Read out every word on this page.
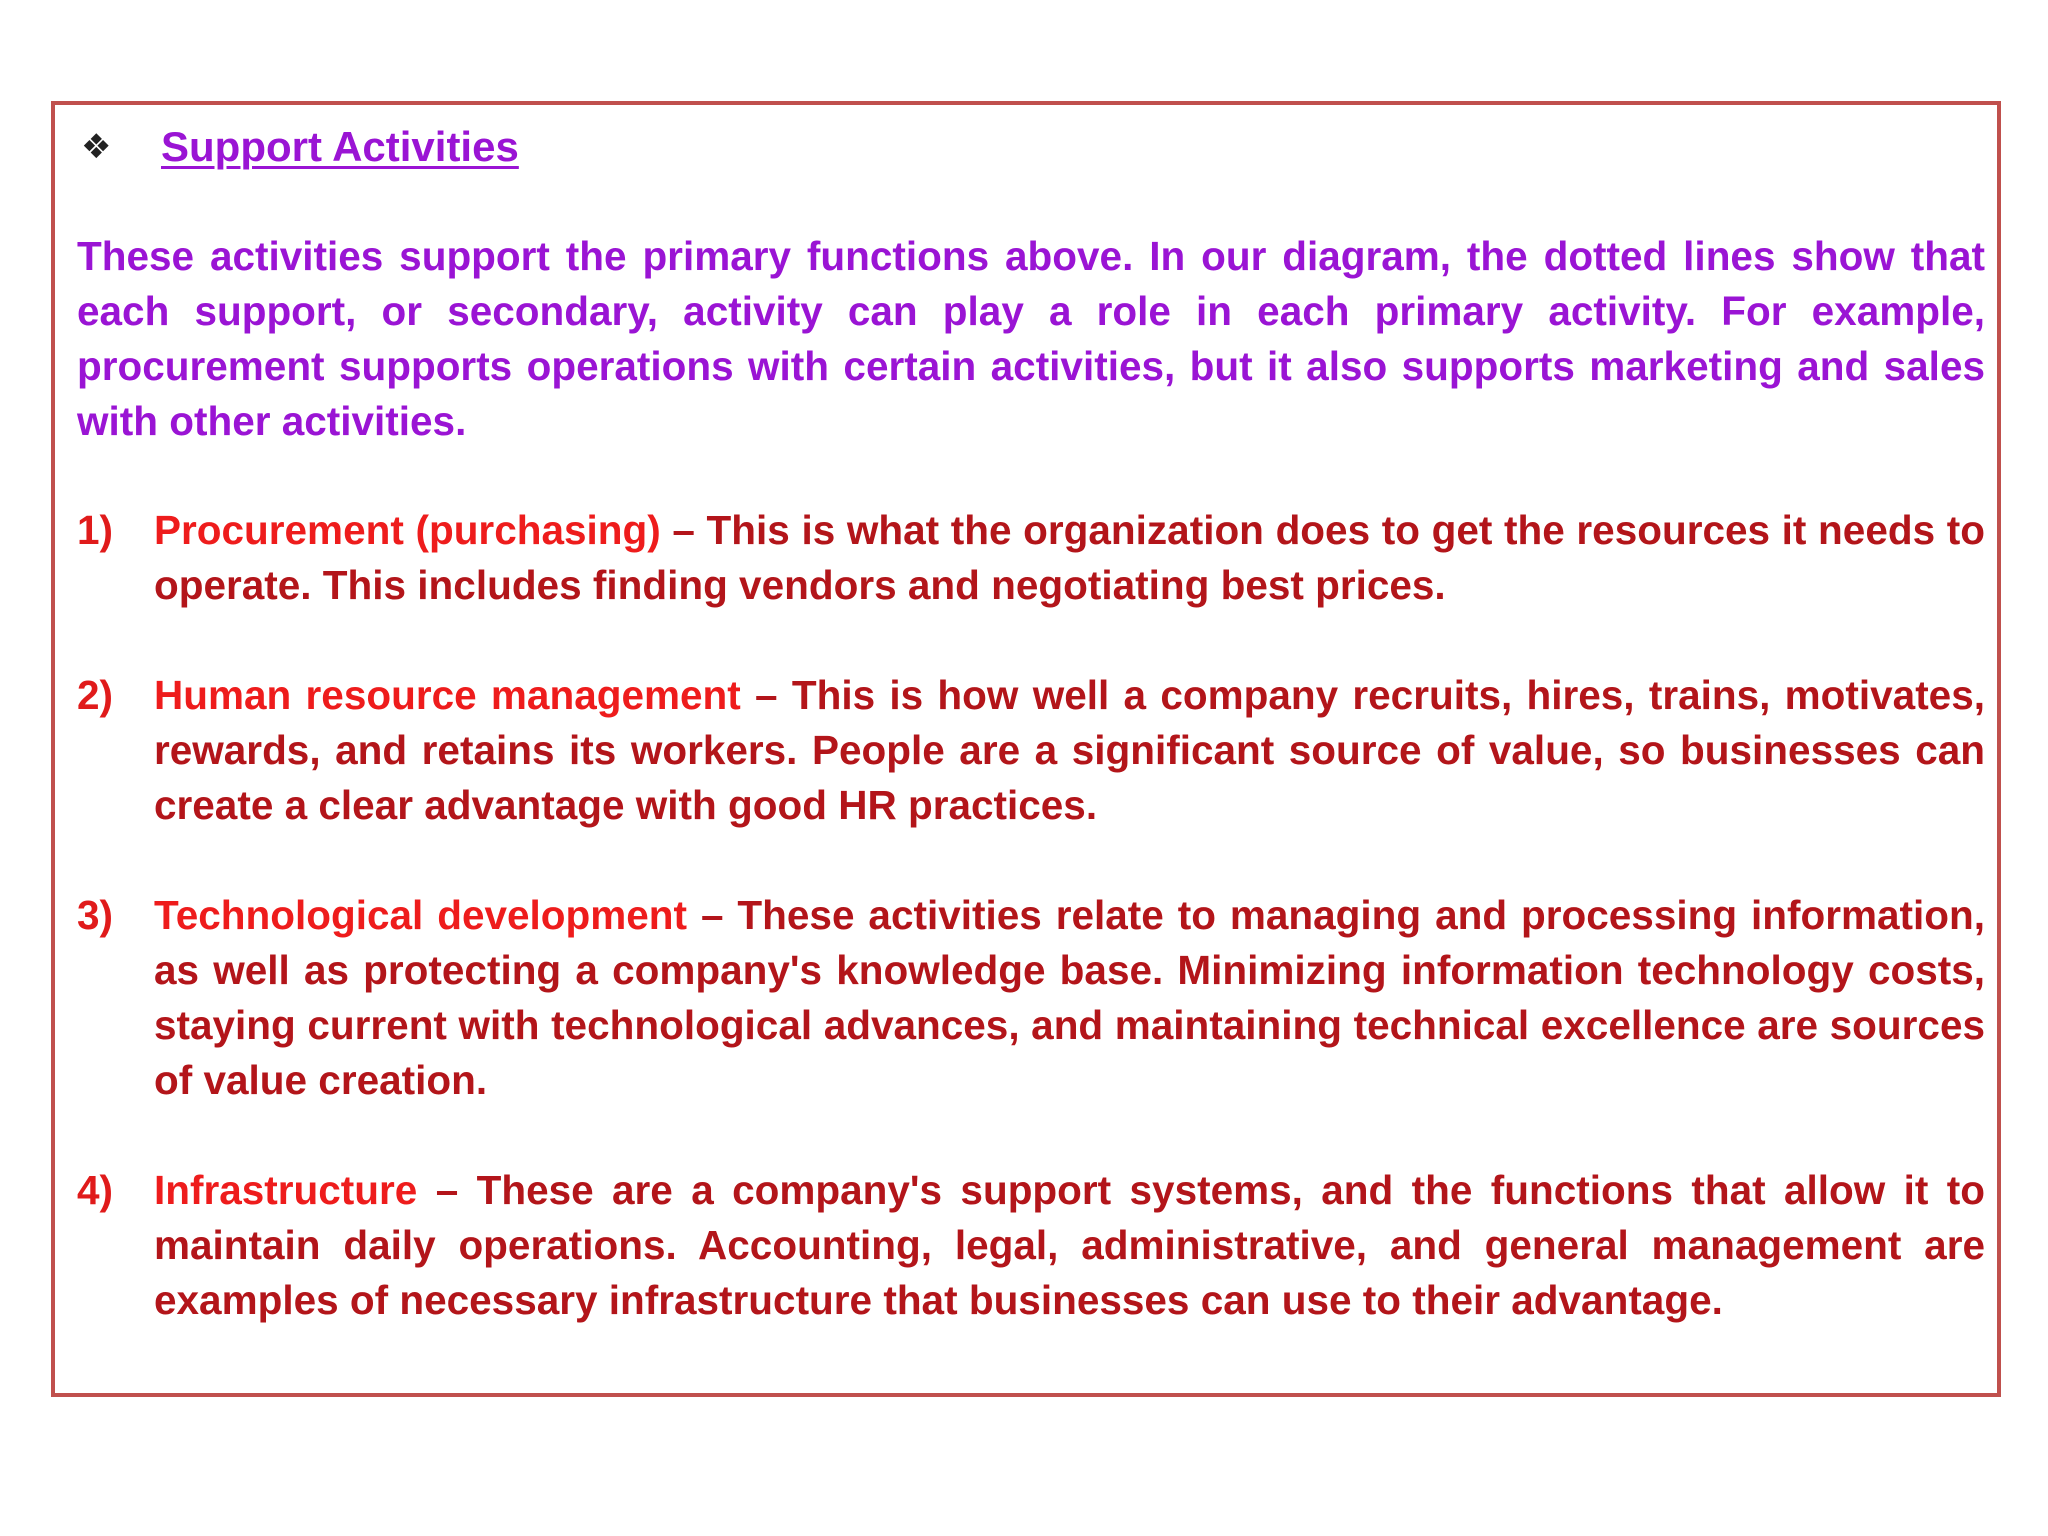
❖ Support Activities
These activities support the primary functions above. In our diagram, the dotted lines show that each support, or secondary, activity can play a role in each primary activity. For example, procurement supports operations with certain activities, but it also supports marketing and sales with other activities.
1)	Procurement (purchasing) – This is what the organization does to get the resources it needs to operate. This includes finding vendors and negotiating best prices.
2)	Human resource management – This is how well a company recruits, hires, trains, motivates, rewards, and retains its workers. People are a significant source of value, so businesses can create a clear advantage with good HR practices.
3)	Technological development – These activities relate to managing and processing information, as well as protecting a company's knowledge base. Minimizing information technology costs, staying current with technological advances, and maintaining technical excellence are sources of value creation.
4)	Infrastructure – These are a company's support systems, and the functions that allow it to maintain daily operations. Accounting, legal, administrative, and general management are examples of necessary infrastructure that businesses can use to their advantage.
